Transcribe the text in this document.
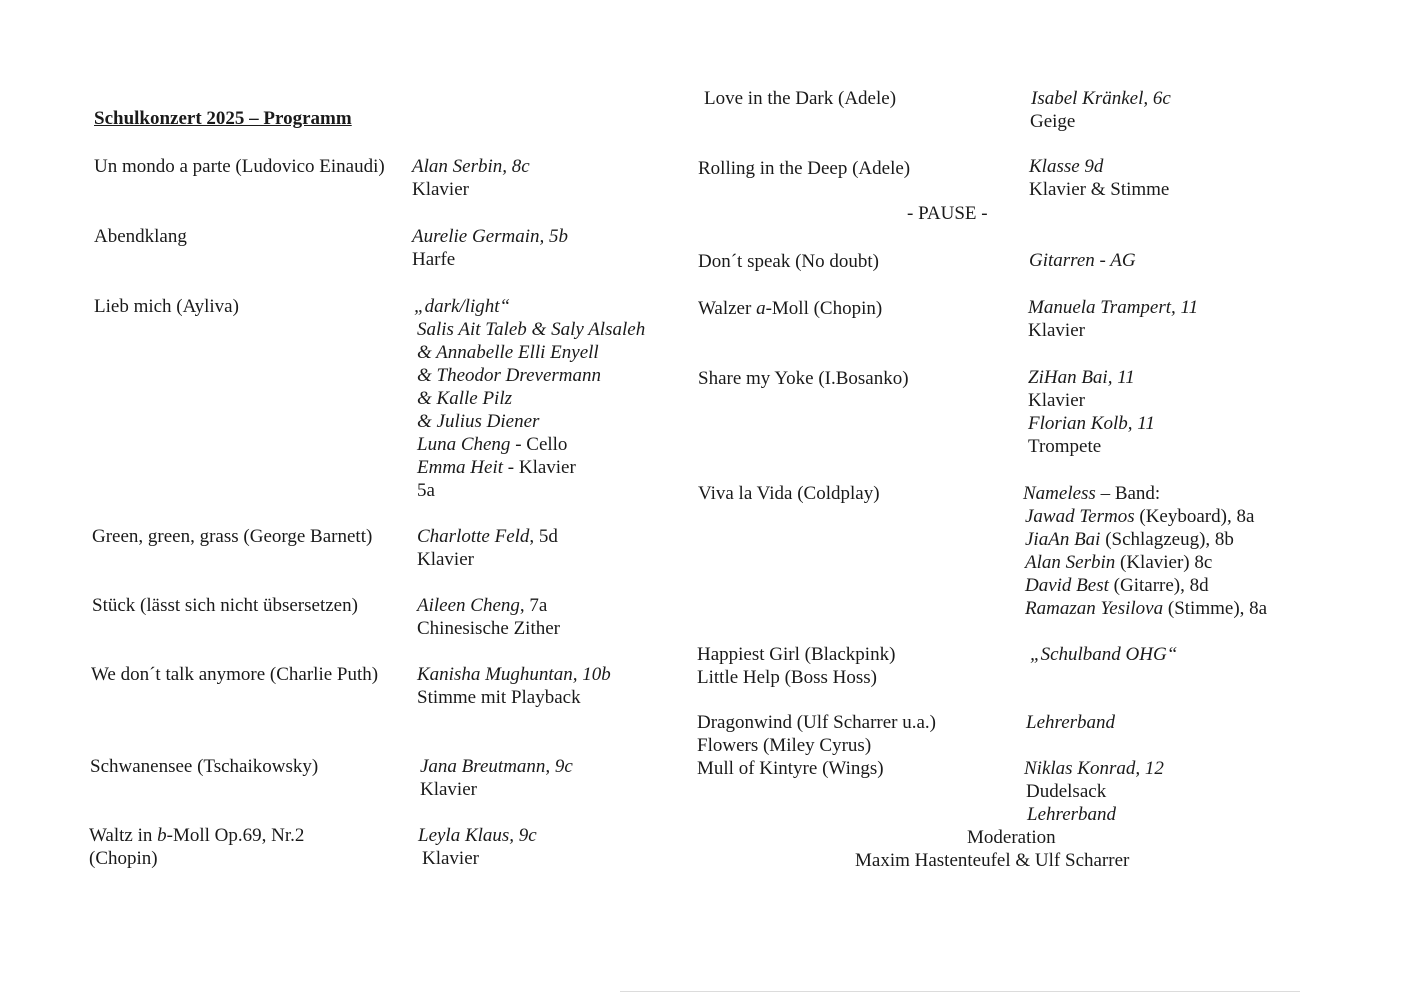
Schulkonzert 2025 – Programm
Un mondo a parte (Ludovico Einaudi)
Abendklang
Lieb mich (Ayliva)
Green, green, grass (George Barnett)
Stück (lässt sich nicht übsersetzen)
We don´t talk anymore (Charlie Puth)
Schwanensee (Tschaikowsky)
Waltz in b-Moll Op.69, Nr.2
(Chopin)
Alan Serbin, 8c
Klavier
Aurelie Germain, 5b
Harfe
„dark/light“
Salis Ait Taleb & Saly Alsaleh
& Annabelle Elli Enyell
& Theodor Drevermann
& Kalle Pilz
& Julius Diener
Luna Cheng - Cello
Emma Heit - Klavier
5a
Charlotte Feld, 5d
Klavier
Aileen Cheng, 7a
Chinesische Zither
Kanisha Mughuntan, 10b
Stimme mit Playback
Jana Breutmann, 9c
Klavier
Leyla Klaus, 9c
Klavier
Love in the Dark (Adele)
Rolling in the Deep (Adele)
- PAUSE -
Don´t speak (No doubt)
Walzer a-Moll (Chopin)
Share my Yoke (I.Bosanko)
Viva la Vida (Coldplay)
Happiest Girl (Blackpink)
Little Help (Boss Hoss)
Dragonwind (Ulf Scharrer u.a.)
Flowers (Miley Cyrus)
Mull of Kintyre (Wings)
Isabel Kränkel, 6c
Geige
Klasse 9d
Klavier & Stimme
Gitarren - AG
Manuela Trampert, 11
Klavier
ZiHan Bai, 11
Klavier
Florian Kolb, 11
Trompete
Nameless – Band:
Jawad Termos (Keyboard), 8a
JiaAn Bai (Schlagzeug), 8b
Alan Serbin (Klavier) 8c
David Best (Gitarre), 8d
Ramazan Yesilova (Stimme), 8a
„Schulband OHG“
Lehrerband
Niklas Konrad, 12
Dudelsack
Lehrerband
Moderation
Maxim Hastenteufel & Ulf Scharrer
